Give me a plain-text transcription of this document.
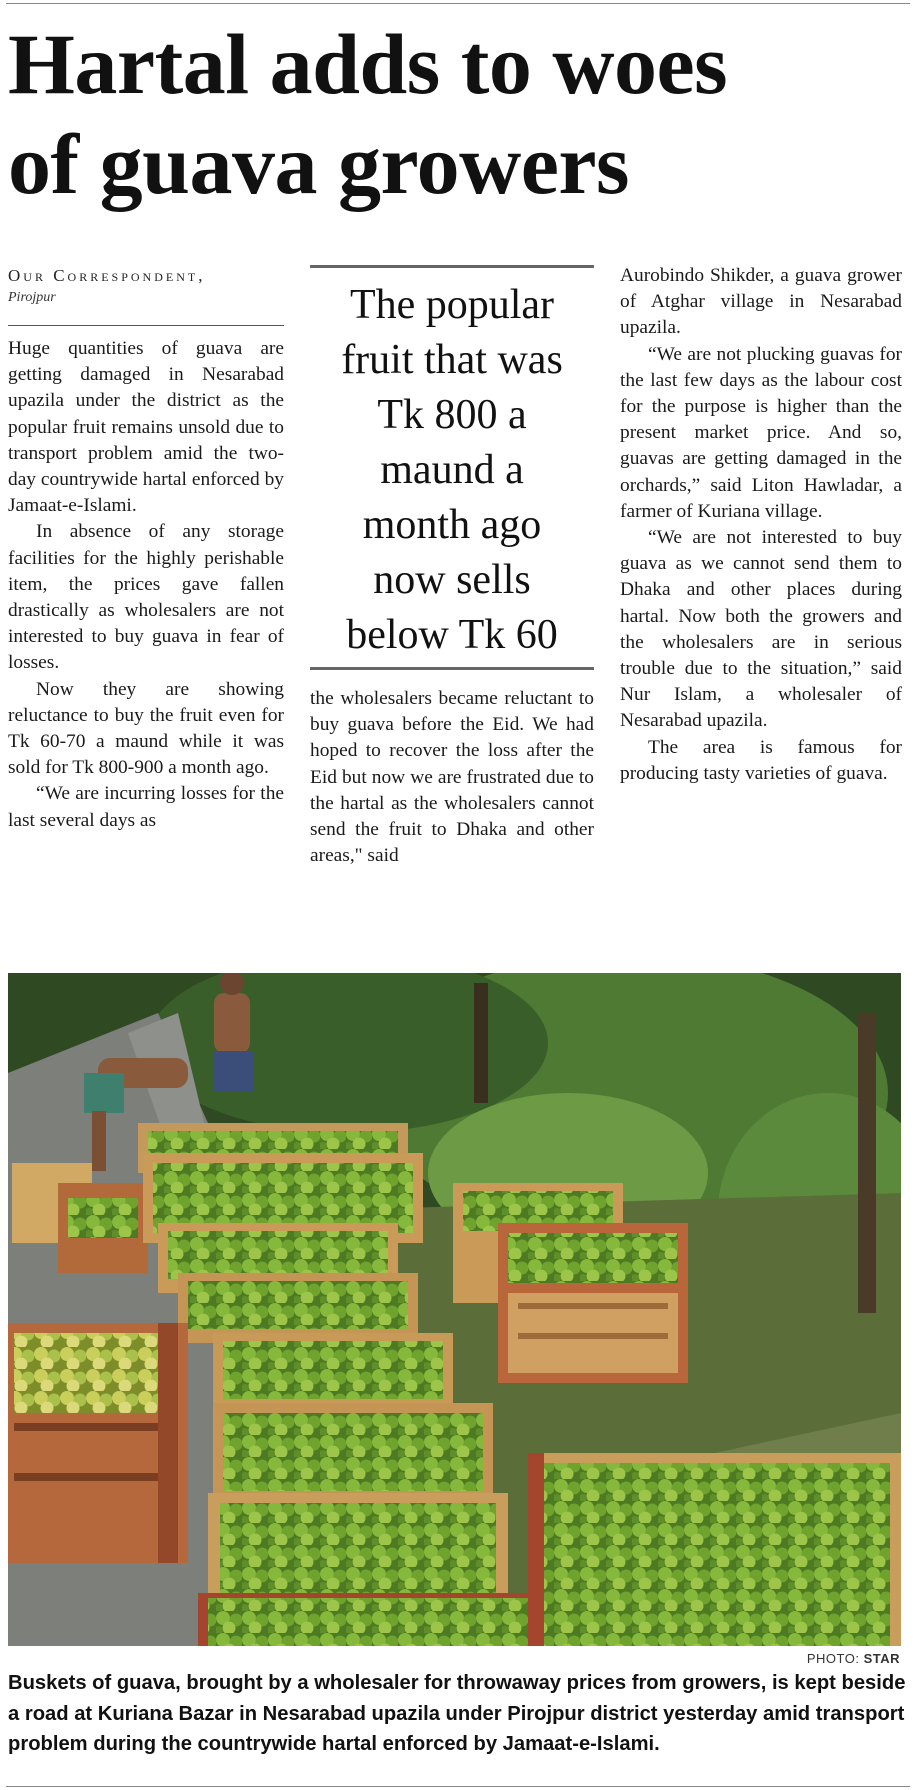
Hartal adds to woes
of guava growers
Our Correspondent,
Pirojpur

Huge quantities of guava are getting damaged in Nesarabad upazila under the district as the popular fruit remains unsold due to transport problem amid the two-day countrywide hartal enforced by Jamaat-e-Islami.

In absence of any storage facilities for the highly perishable item, the prices gave fallen drastically as wholesalers are not interested to buy guava in fear of losses.

Now they are showing reluctance to buy the fruit even for Tk 60-70 a maund while it was sold for Tk 800-900 a month ago.

“We are incurring losses for the last several days as

The popular
fruit that was
Tk 800 a
maund a
month ago
now sells
below Tk 60

the wholesalers became reluctant to buy guava before the Eid. We had hoped to recover the loss after the Eid but now we are frustrated due to the hartal as the wholesalers cannot send the fruit to Dhaka and other areas," said

Aurobindo Shikder, a guava grower of Atghar village in Nesarabad upazila.

“We are not plucking guavas for the last few days as the labour cost for the purpose is higher than the present market price. And so, guavas are getting damaged in the orchards,” said Liton Hawladar, a farmer of Kuriana village.

“We are not interested to buy guava as we cannot send them to Dhaka and other places during hartal. Now both the growers and the wholesalers are in serious trouble due to the situation,” said Nur Islam, a wholesaler of Nesarabad upazila.

The area is famous for producing tasty varieties of guava.

PHOTO: STAR
Buskets of guava, brought by a wholesaler for throwaway prices from growers, is kept beside a road at Kuriana Bazar in Nesarabad upazila under Pirojpur district yesterday amid transport problem during the countrywide hartal enforced by Jamaat-e-Islami.
